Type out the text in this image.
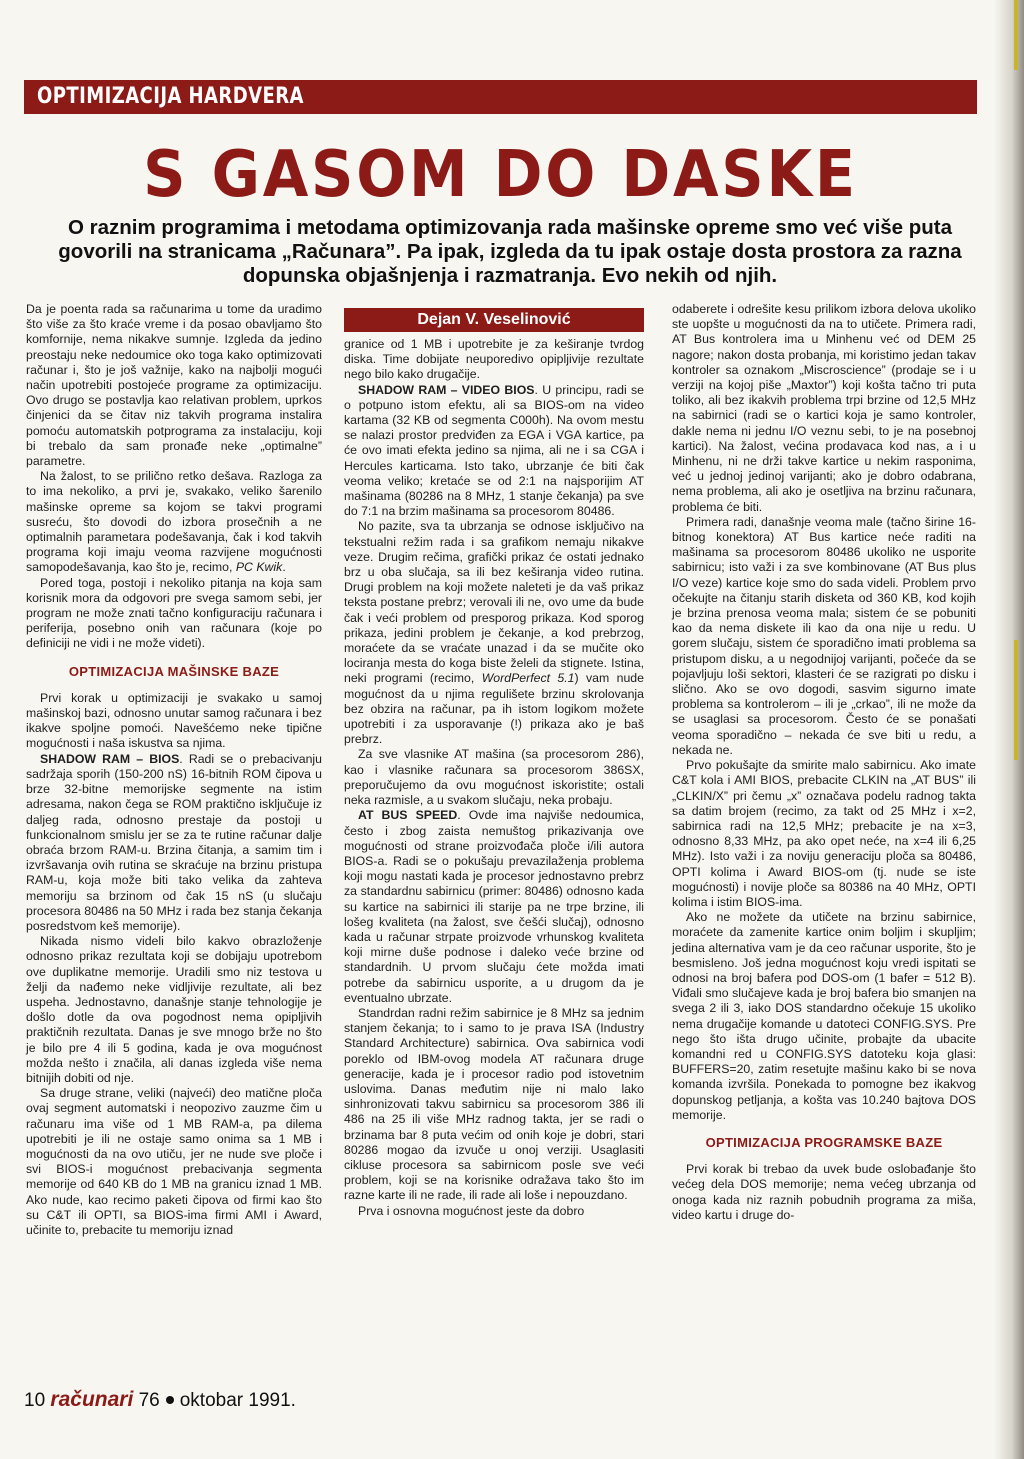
OPTIMIZACIJA HARDVERA
S GASOM DO DASKE
O raznim programima i metodama optimizovanja rada mašinske opreme smo već više puta govorili na stranicama „Računara”. Pa ipak, izgleda da tu ipak ostaje dosta prostora za razna dopunska objašnjenja i razmatranja. Evo nekih od njih.

Da je poenta rada sa računarima u tome da uradimo što više za što kraće vreme i da posao obavljamo što komfornije, nema nikakve sumnje. Izgleda da jedino preostaju neke nedoumice oko toga kako optimizovati računar i, što je još važnije, kako na najbolji mogući način upotrebiti postojeće programe za optimizaciju. Ovo drugo se postavlja kao relativan problem, uprkos činjenici da se čitav niz takvih programa instalira pomoću automatskih potprograma za instalaciju, koji bi trebalo da sam pronađe neke „optimalne” parametre.

Na žalost, to se prilično retko dešava. Razloga za to ima nekoliko, a prvi je, svakako, veliko šarenilo mašinske opreme sa kojom se takvi programi susreću, što dovodi do izbora prosečnih a ne optimalnih parametara podešavanja, čak i kod takvih programa koji imaju veoma razvijene mogućnosti samopodešavanja, kao što je, recimo, PC Kwik.

Pored toga, postoji i nekoliko pitanja na koja sam korisnik mora da odgovori pre svega samom sebi, jer program ne može znati tačno konfiguraciju računara i periferija, posebno onih van računara (koje po definiciji ne vidi i ne može videti).

OPTIMIZACIJA MAŠINSKE BAZE

Prvi korak u optimizaciji je svakako u samoj mašinskoj bazi, odnosno unutar samog računara i bez ikakve spoljne pomoći. Navešćemo neke tipične mogućnosti i naša iskustva sa njima.

SHADOW RAM – BIOS. Radi se o prebacivanju sadržaja sporih (150-200 nS) 16-bitnih ROM čipova u brze 32-bitne memorijske segmente na istim adresama, nakon čega se ROM praktično isključuje iz daljeg rada, odnosno prestaje da postoji u funkcionalnom smislu jer se za te rutine računar dalje obraća brzom RAM-u. Brzina čitanja, a samim tim i izvršavanja ovih rutina se skraćuje na brzinu pristupa RAM-u, koja može biti tako velika da zahteva memoriju sa brzinom od čak 15 nS (u slučaju procesora 80486 na 50 MHz i rada bez stanja čekanja posredstvom keš memorije).

Nikada nismo videli bilo kakvo obrazloženje odnosno prikaz rezultata koji se dobijaju upotrebom ove duplikatne memorije. Uradili smo niz testova u želji da nađemo neke vidljivije rezultate, ali bez uspeha. Jednostavno, današnje stanje tehnologije je došlo dotle da ova pogodnost nema opipljivih praktičnih rezultata. Danas je sve mnogo brže no što je bilo pre 4 ili 5 godina, kada je ova mogućnost možda nešto i značila, ali danas izgleda više nema bitnijih dobiti od nje.

Sa druge strane, veliki (najveći) deo matične ploča ovaj segment automatski i neopozivo zauzme čim u računaru ima više od 1 MB RAM-a, pa dilema upotrebiti je ili ne ostaje samo onima sa 1 MB i mogućnosti da na ovo utiču, jer ne nude sve ploče i svi BIOS-i mogućnost prebacivanja segmenta memorije od 640 KB do 1 MB na granicu iznad 1 MB. Ako nude, kao recimo paketi čipova od firmi kao što su C&T ili OPTI, sa BIOS-ima firmi AMI i Award, učinite to, prebacite tu memoriju iznad

Dejan V. Veselinović

granice od 1 MB i upotrebite je za keširanje tvrdog diska. Time dobijate neuporedivo opipljivije rezultate nego bilo kako drugačije.

SHADOW RAM – VIDEO BIOS. U principu, radi se o potpuno istom efektu, ali sa BIOS-om na video kartama (32 KB od segmenta C000h). Na ovom mestu se nalazi prostor predviđen za EGA i VGA kartice, pa će ovo imati efekta jedino sa njima, ali ne i sa CGA i Hercules karticama. Isto tako, ubrzanje će biti čak veoma veliko; kretaće se od 2:1 na najsporijim AT mašinama (80286 na 8 MHz, 1 stanje čekanja) pa sve do 7:1 na brzim mašinama sa procesorom 80486.

No pazite, sva ta ubrzanja se odnose isključivo na tekstualni režim rada i sa grafikom nemaju nikakve veze. Drugim rečima, grafički prikaz će ostati jednako brz u oba slučaja, sa ili bez keširanja video rutina. Drugi problem na koji možete naleteti je da vaš prikaz teksta postane prebrz; verovali ili ne, ovo ume da bude čak i veći problem od presporog prikaza. Kod sporog prikaza, jedini problem je čekanje, a kod prebrzog, moraćete da se vraćate unazad i da se mučite oko lociranja mesta do koga biste želeli da stignete. Istina, neki programi (recimo, WordPerfect 5.1) vam nude mogućnost da u njima regulišete brzinu skrolovanja bez obzira na računar, pa ih istom logikom možete upotrebiti i za usporavanje (!) prikaza ako je baš prebrz.

Za sve vlasnike AT mašina (sa procesorom 286), kao i vlasnike računara sa procesorom 386SX, preporučujemo da ovu mogućnost iskoristite; ostali neka razmisle, a u svakom slučaju, neka probaju.

AT BUS SPEED. Ovde ima najviše nedoumica, često i zbog zaista nemuštog prikazivanja ove mogućnosti od strane proizvođača ploče i/ili autora BIOS-a. Radi se o pokušaju prevazilaženja problema koji mogu nastati kada je procesor jednostavno prebrz za standardnu sabirnicu (primer: 80486) odnosno kada su kartice na sabirnici ili starije pa ne trpe brzine, ili lošeg kvaliteta (na žalost, sve češći slučaj), odnosno kada u računar strpate proizvode vrhunskog kvaliteta koji mirne duše podnose i daleko veće brzine od standardnih. U prvom slučaju ćete možda imati potrebe da sabirnicu usporite, a u drugom da je eventualno ubrzate.

Standrdan radni režim sabirnice je 8 MHz sa jednim stanjem čekanja; to i samo to je prava ISA (Industry Standard Architecture) sabirnica. Ova sabirnica vodi poreklo od IBM-ovog modela AT računara druge generacije, kada je i procesor radio pod istovetnim uslovima. Danas međutim nije ni malo lako sinhronizovati takvu sabirnicu sa procesorom 386 ili 486 na 25 ili više MHz radnog takta, jer se radi o brzinama bar 8 puta većim od onih koje je dobri, stari 80286 mogao da izvuče u onoj verziji. Usaglasiti cikluse procesora sa sabirnicom posle sve veći problem, koji se na korisnike odražava tako što im razne karte ili ne rade, ili rade ali loše i nepouzdano.

Prva i osnovna mogućnost jeste da dobro

odaberete i odrešite kesu prilikom izbora delova ukoliko ste uopšte u mogućnosti da na to utičete. Primera radi, AT Bus kontrolera ima u Minhenu već od DEM 25 nagore; nakon dosta probanja, mi koristimo jedan takav kontroler sa oznakom „Miscroscience” (prodaje se i u verziji na kojoj piše „Maxtor”) koji košta tačno tri puta toliko, ali bez ikakvih problema trpi brzine od 12,5 MHz na sabirnici (radi se o kartici koja je samo kontroler, dakle nema ni jednu I/O veznu sebi, to je na posebnoj kartici). Na žalost, većina prodavaca kod nas, a i u Minhenu, ni ne drži takve kartice u nekim rasponima, već u jednoj jedinoj varijanti; ako je dobro odabrana, nema problema, ali ako je osetljiva na brzinu računara, problema će biti.

Primera radi, današnje veoma male (tačno širine 16-bitnog konektora) AT Bus kartice neće raditi na mašinama sa procesorom 80486 ukoliko ne usporite sabirnicu; isto važi i za sve kombinovane (AT Bus plus I/O veze) kartice koje smo do sada videli. Problem prvo očekujte na čitanju starih disketa od 360 KB, kod kojih je brzina prenosa veoma mala; sistem će se pobuniti kao da nema diskete ili kao da ona nije u redu. U gorem slučaju, sistem će sporadično imati problema sa pristupom disku, a u negodnijoj varijanti, počeće da se pojavljuju loši sektori, klasteri će se razigrati po disku i slično. Ako se ovo dogodi, sasvim sigurno imate problema sa kontrolerom – ili je „crkao”, ili ne može da se usaglasi sa procesorom. Često će se ponašati veoma sporadično – nekada će sve biti u redu, a nekada ne.

Prvo pokušajte da smirite malo sabirnicu. Ako imate C&T kola i AMI BIOS, prebacite CLKIN na „AT BUS” ili „CLKIN/X” pri čemu „x” označava podelu radnog takta sa datim brojem (recimo, za takt od 25 MHz i x=2, sabirnica radi na 12,5 MHz; prebacite je na x=3, odnosno 8,33 MHz, pa ako opet neće, na x=4 ili 6,25 MHz). Isto važi i za noviju generaciju ploča sa 80486, OPTI kolima i Award BIOS-om (tj. nude se iste mogućnosti) i novije ploče sa 80386 na 40 MHz, OPTI kolima i istim BIOS-ima.

Ako ne možete da utičete na brzinu sabirnice, moraćete da zamenite kartice onim boljim i skupljim; jedina alternativa vam je da ceo računar usporite, što je besmisleno. Još jedna mogućnost koju vredi ispitati se odnosi na broj bafera pod DOS-om (1 bafer = 512 B). Viđali smo slučajeve kada je broj bafera bio smanjen na svega 2 ili 3, iako DOS standardno očekuje 15 ukoliko nema drugačije komande u datoteci CONFIG.SYS. Pre nego što išta drugo učinite, probajte da ubacite komandni red u CONFIG.SYS datoteku koja glasi: BUFFERS=20, zatim resetujte mašinu kako bi se nova komanda izvršila. Ponekada to pomogne bez ikakvog dopunskog petljanja, a košta vas 10.240 bajtova DOS memorije.

OPTIMIZACIJA PROGRAMSKE BAZE

Prvi korak bi trebao da uvek bude oslobađanje što većeg dela DOS memorije; nema većeg ubrzanja od onoga kada niz raznih pobudnih programa za miša, video kartu i druge do-

10 računari 76 oktobar 1991.
